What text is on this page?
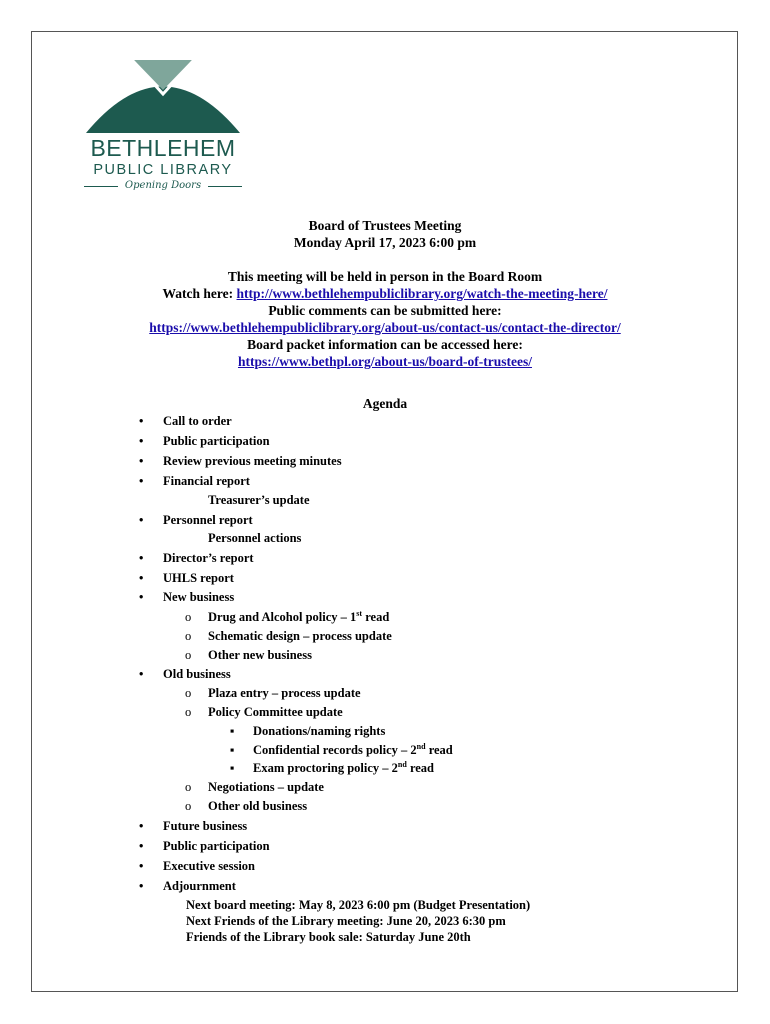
BETHLEHEM
PUBLIC LIBRARY
Opening Doors
Board of Trustees Meeting
Monday April 17, 2023 6:00 pm
This meeting will be held in person in the Board Room
Watch here: http://www.bethlehempubliclibrary.org/watch-the-meeting-here/
Public comments can be submitted here:
https://www.bethlehempubliclibrary.org/about-us/contact-us/contact-the-director/
Board packet information can be accessed here:
https://www.bethpl.org/about-us/board-of-trustees/
Agenda
• Call to order
• Public participation
• Review previous meeting minutes
• Financial report
Treasurer’s update
• Personnel report
Personnel actions
• Director’s report
• UHLS report
• New business
o Drug and Alcohol policy – 1st read
o Schematic design – process update
o Other new business
• Old business
o Plaza entry – process update
o Policy Committee update
▪ Donations/naming rights
▪ Confidential records policy – 2nd read
▪ Exam proctoring policy – 2nd read
o Negotiations – update
o Other old business
• Future business
• Public participation
• Executive session
• Adjournment
Next board meeting: May 8, 2023 6:00 pm (Budget Presentation)
Next Friends of the Library meeting: June 20, 2023 6:30 pm
Friends of the Library book sale: Saturday June 20th
